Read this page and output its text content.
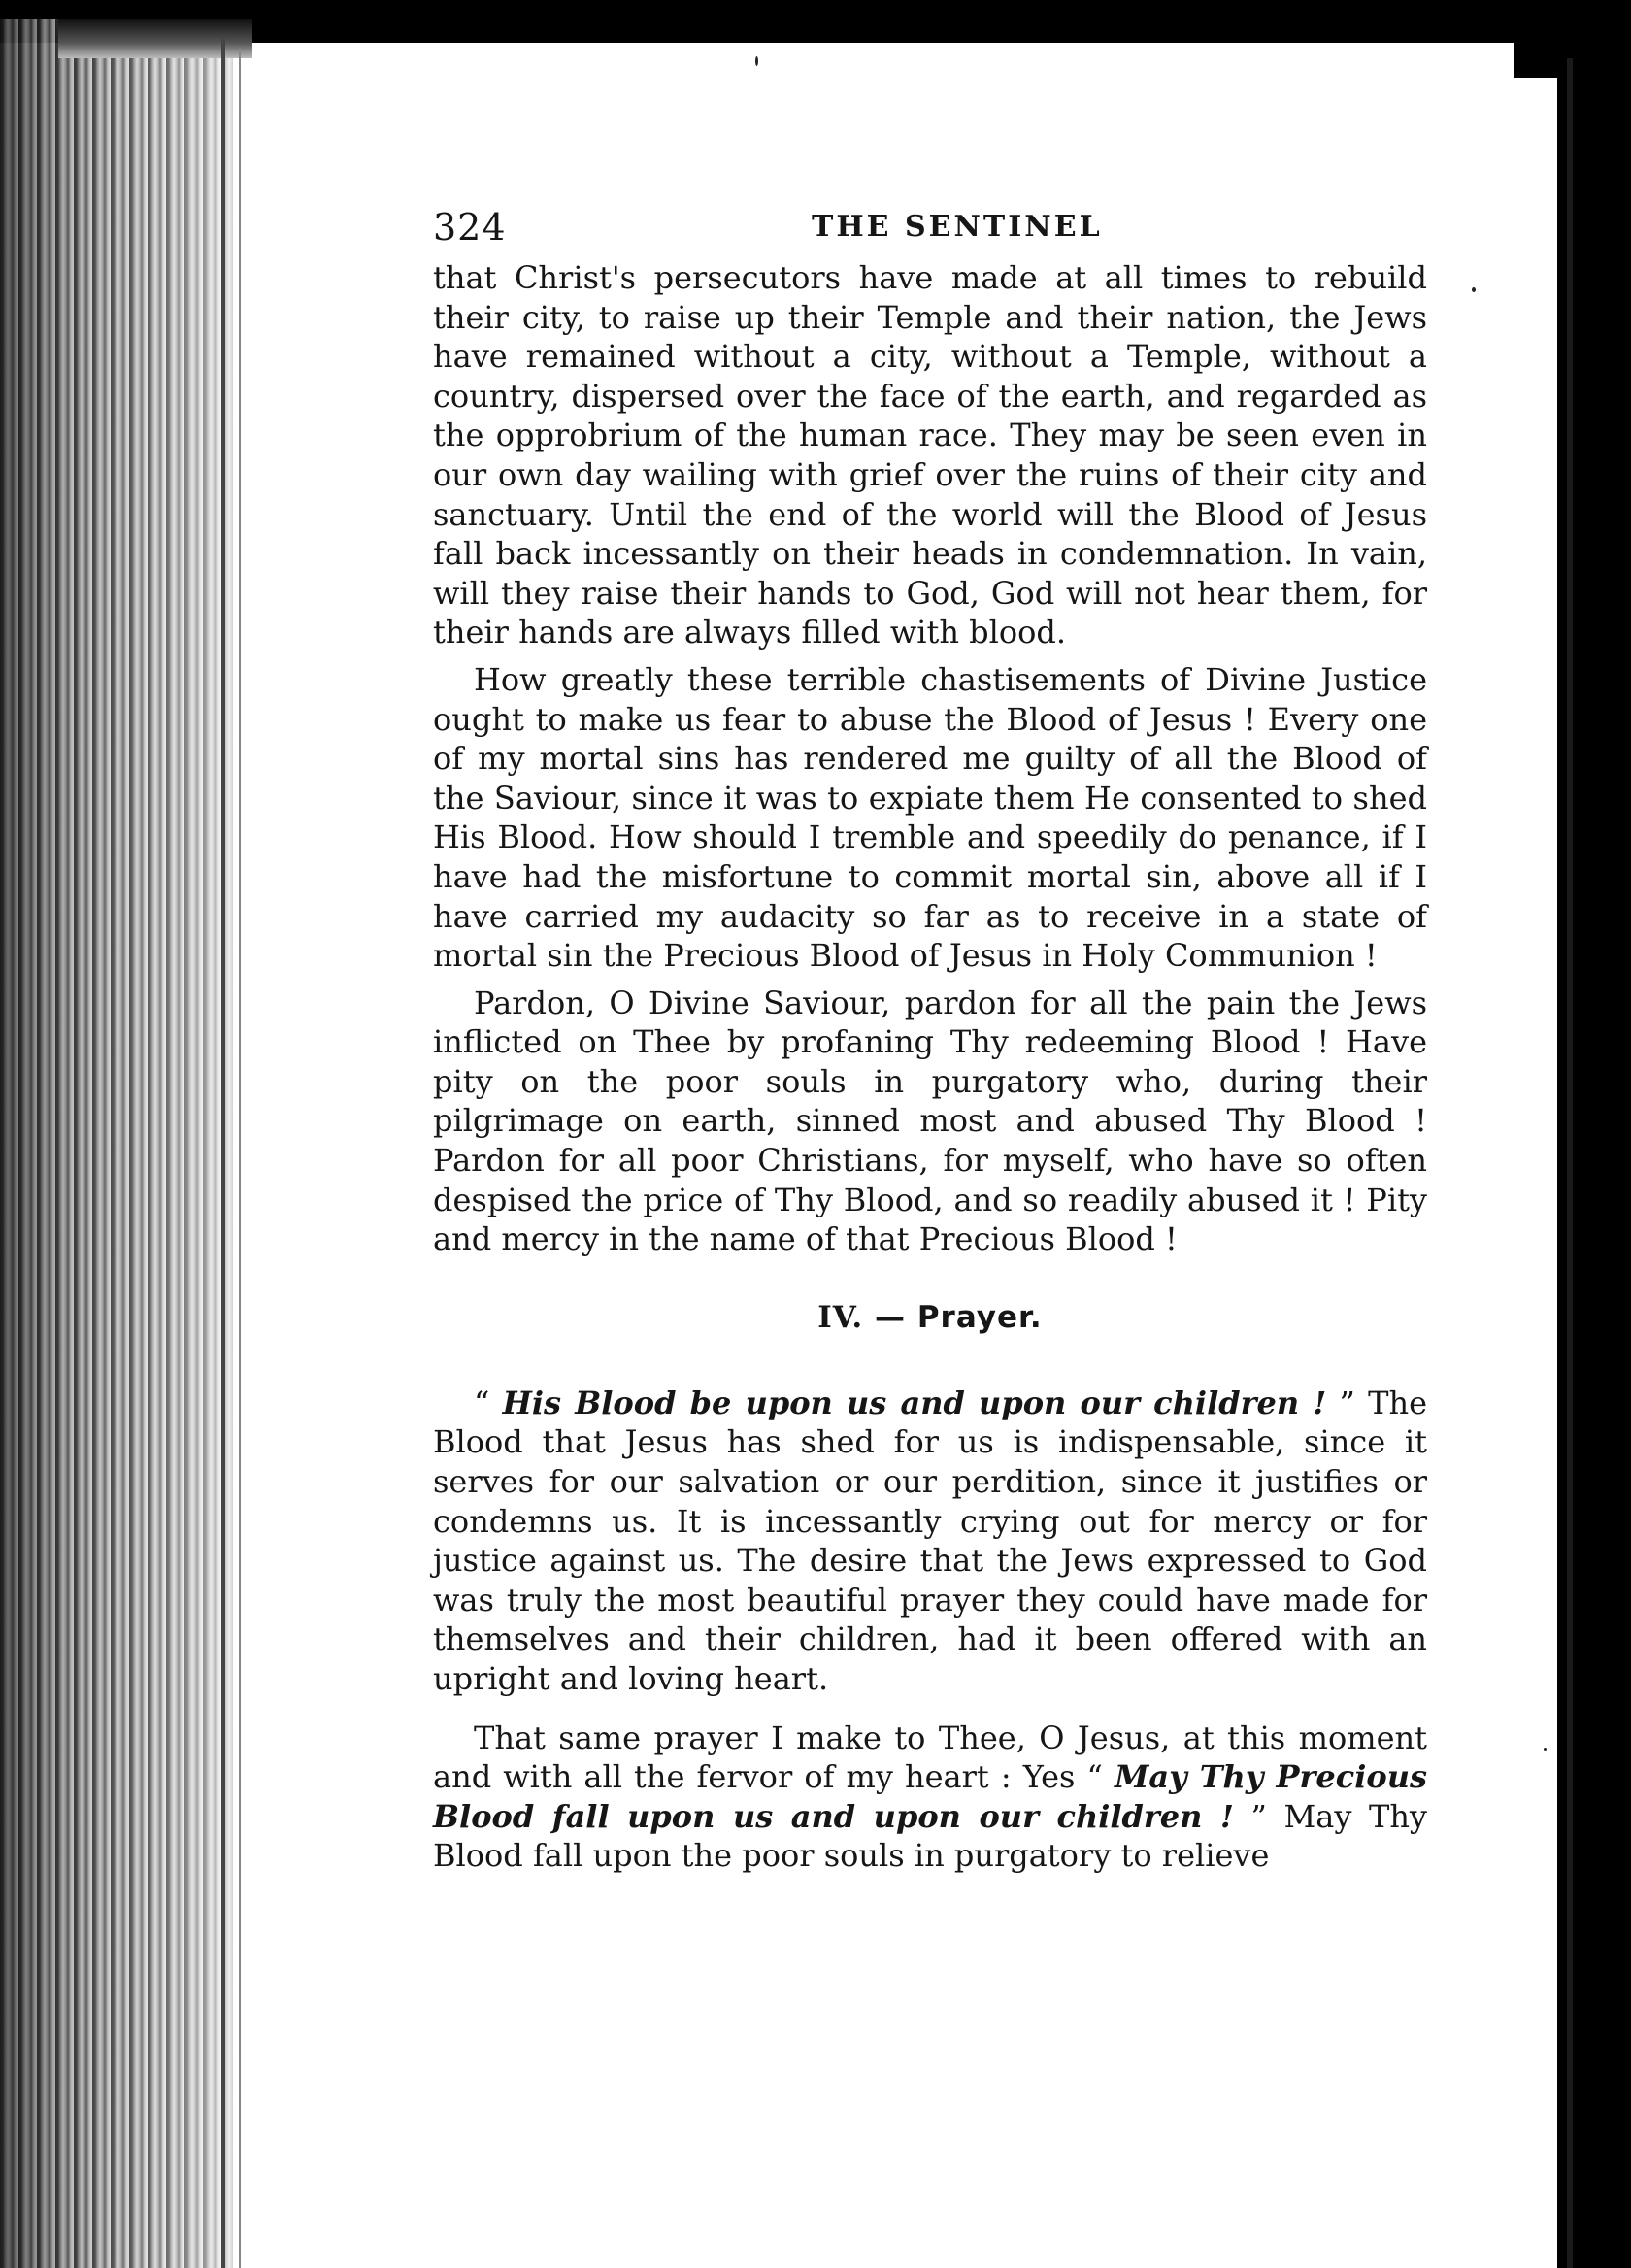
324	THE SENTINEL

that Christ's persecutors have made at all times to rebuild their city, to raise up their Temple and their nation, the Jews have remained without a city, without a Temple, without a country, dispersed over the face of the earth, and regarded as the opprobrium of the human race. They may be seen even in our own day wailing with grief over the ruins of their city and sanctuary. Until the end of the world will the Blood of Jesus fall back incessantly on their heads in condemnation. In vain, will they raise their hands to God, God will not hear them, for their hands are always filled with blood.

How greatly these terrible chastisements of Divine Justice ought to make us fear to abuse the Blood of Jesus ! Every one of my mortal sins has rendered me guilty of all the Blood of the Saviour, since it was to expiate them He consented to shed His Blood. How should I tremble and speedily do penance, if I have had the misfortune to commit mortal sin, above all if I have carried my audacity so far as to receive in a state of mortal sin the Precious Blood of Jesus in Holy Communion !

Pardon, O Divine Saviour, pardon for all the pain the Jews inflicted on Thee by profaning Thy redeeming Blood ! Have pity on the poor souls in purgatory who, during their pilgrimage on earth, sinned most and abused Thy Blood ! Pardon for all poor Christians, for myself, who have so often despised the price of Thy Blood, and so readily abused it ! Pity and mercy in the name of that Precious Blood !

IV. — Prayer.

“ His Blood be upon us and upon our children ! ” The Blood that Jesus has shed for us is indispensable, since it serves for our salvation or our perdition, since it justifies or condemns us. It is incessantly crying out for mercy or for justice against us. The desire that the Jews expressed to God was truly the most beautiful prayer they could have made for themselves and their children, had it been offered with an upright and loving heart.

That same prayer I make to Thee, O Jesus, at this moment and with all the fervor of my heart : Yes “ May Thy Precious Blood fall upon us and upon our children ! ” May Thy Blood fall upon the poor souls in purgatory to relieve
